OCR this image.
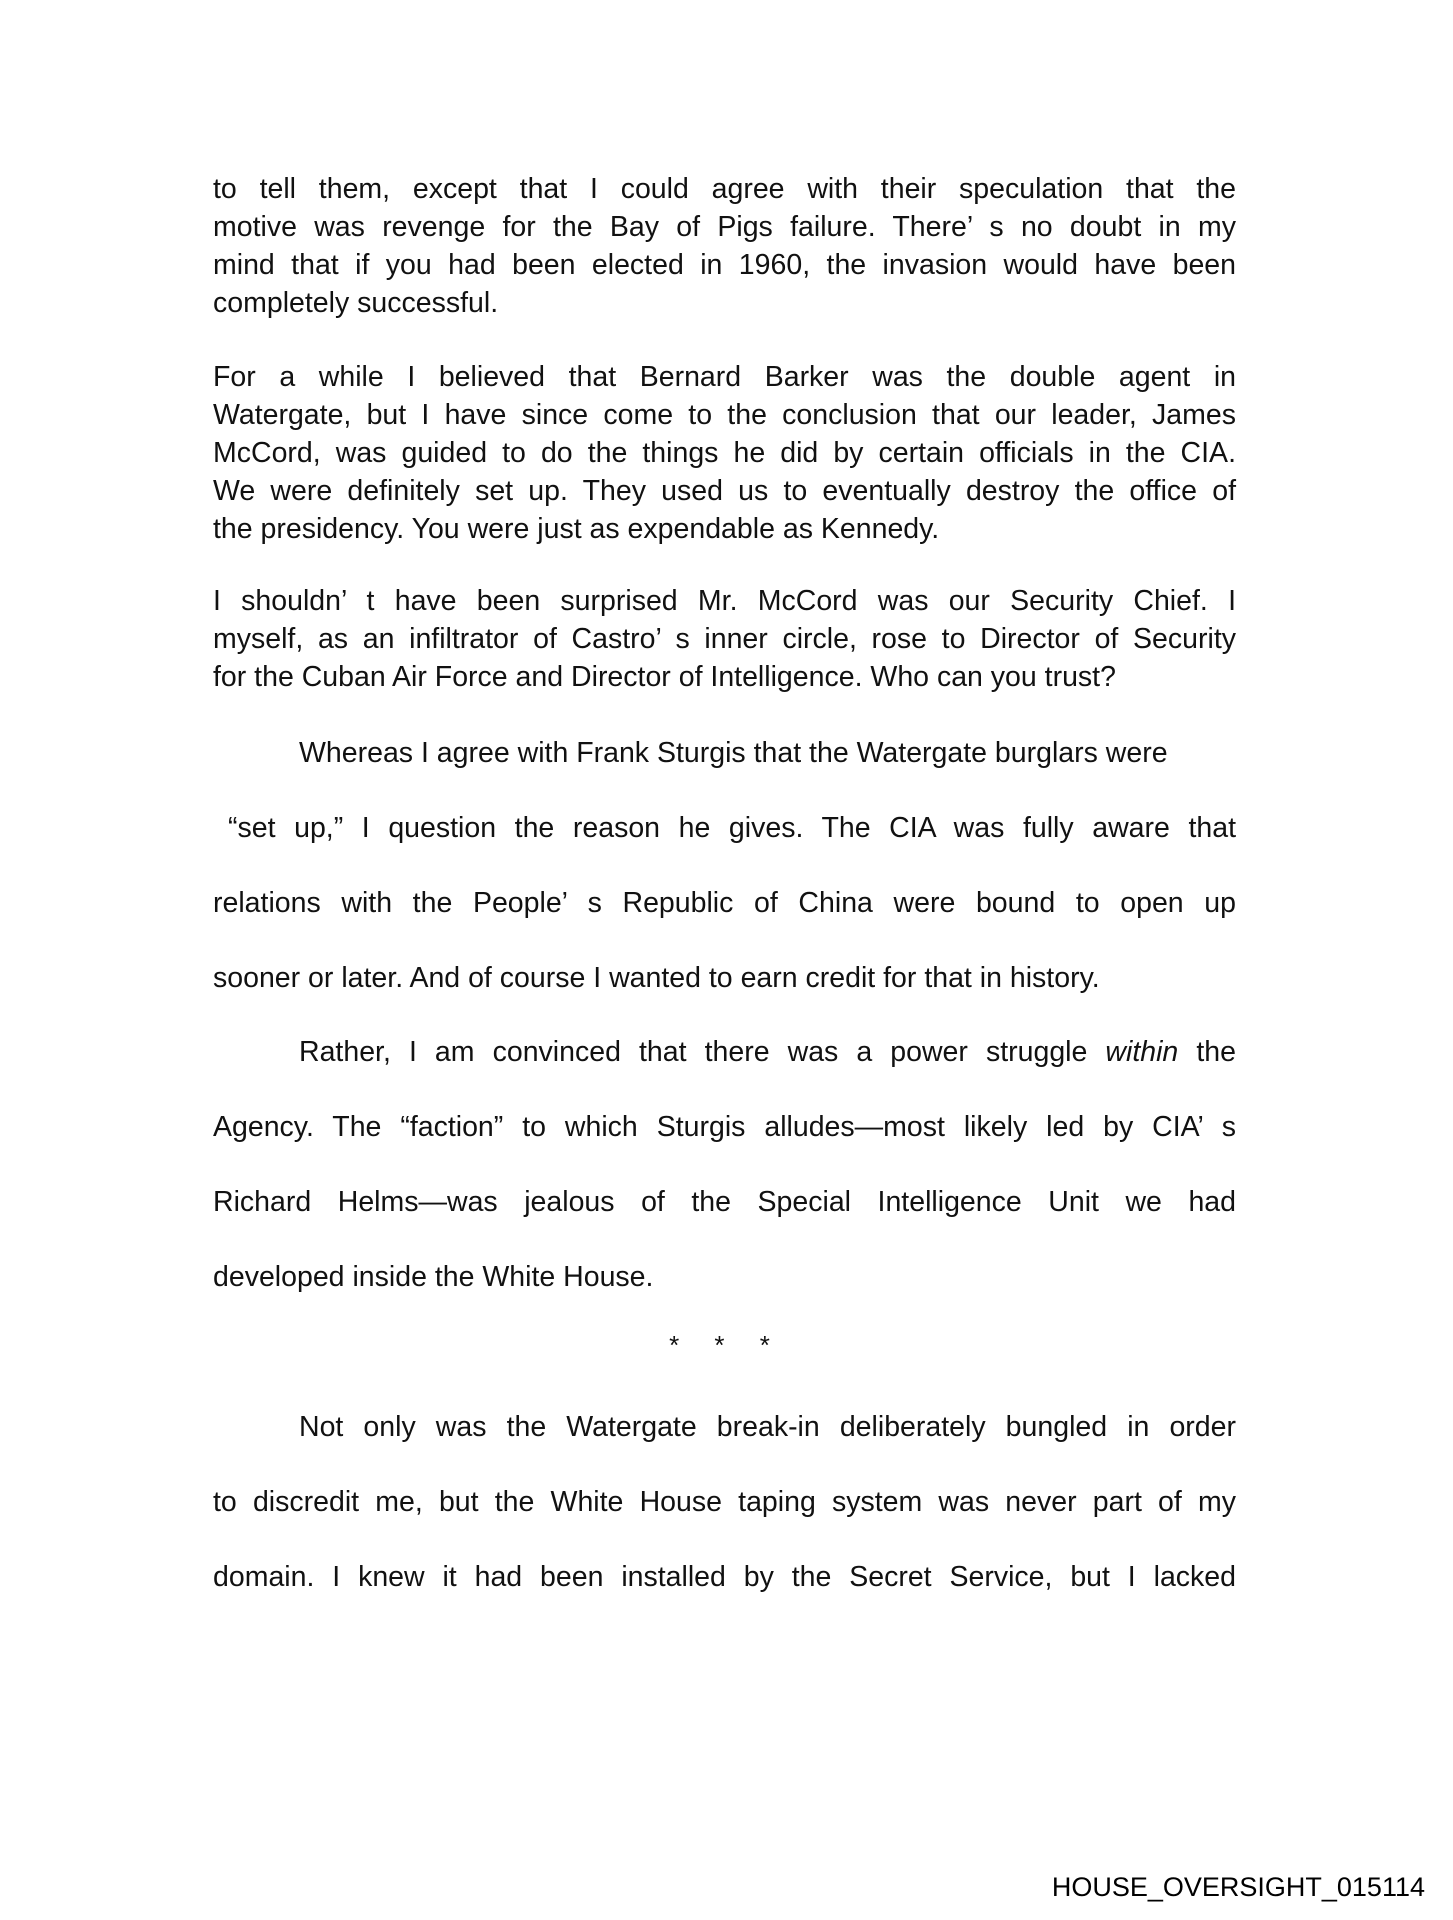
to tell them, except that I could agree with their speculation that the
motive was revenge for the Bay of Pigs failure. There’ s no doubt in my
mind that if you had been elected in 1960, the invasion would have been
completely successful.
For a while I believed that Bernard Barker was the double agent in
Watergate, but I have since come to the conclusion that our leader, James
McCord, was guided to do the things he did by certain officials in the CIA.
We were definitely set up. They used us to eventually destroy the office of
the presidency. You were just as expendable as Kennedy.
I shouldn’ t have been surprised Mr. McCord was our Security Chief. I
myself, as an infiltrator of Castro’ s inner circle, rose to Director of Security
for the Cuban Air Force and Director of Intelligence. Who can you trust?
Whereas I agree with Frank Sturgis that the Watergate burglars were
“set up,” I question the reason he gives. The CIA was fully aware that
relations with the People’ s Republic of China were bound to open up
sooner or later. And of course I wanted to earn credit for that in history.
Rather, I am convinced that there was a power struggle within the
Agency. The “faction” to which Sturgis alludes—most likely led by CIA’ s
Richard Helms—was jealous of the Special Intelligence Unit we had
developed inside the White House.
* * *
Not only was the Watergate break-in deliberately bungled in order
to discredit me, but the White House taping system was never part of my
domain. I knew it had been installed by the Secret Service, but I lacked
HOUSE_OVERSIGHT_015114
